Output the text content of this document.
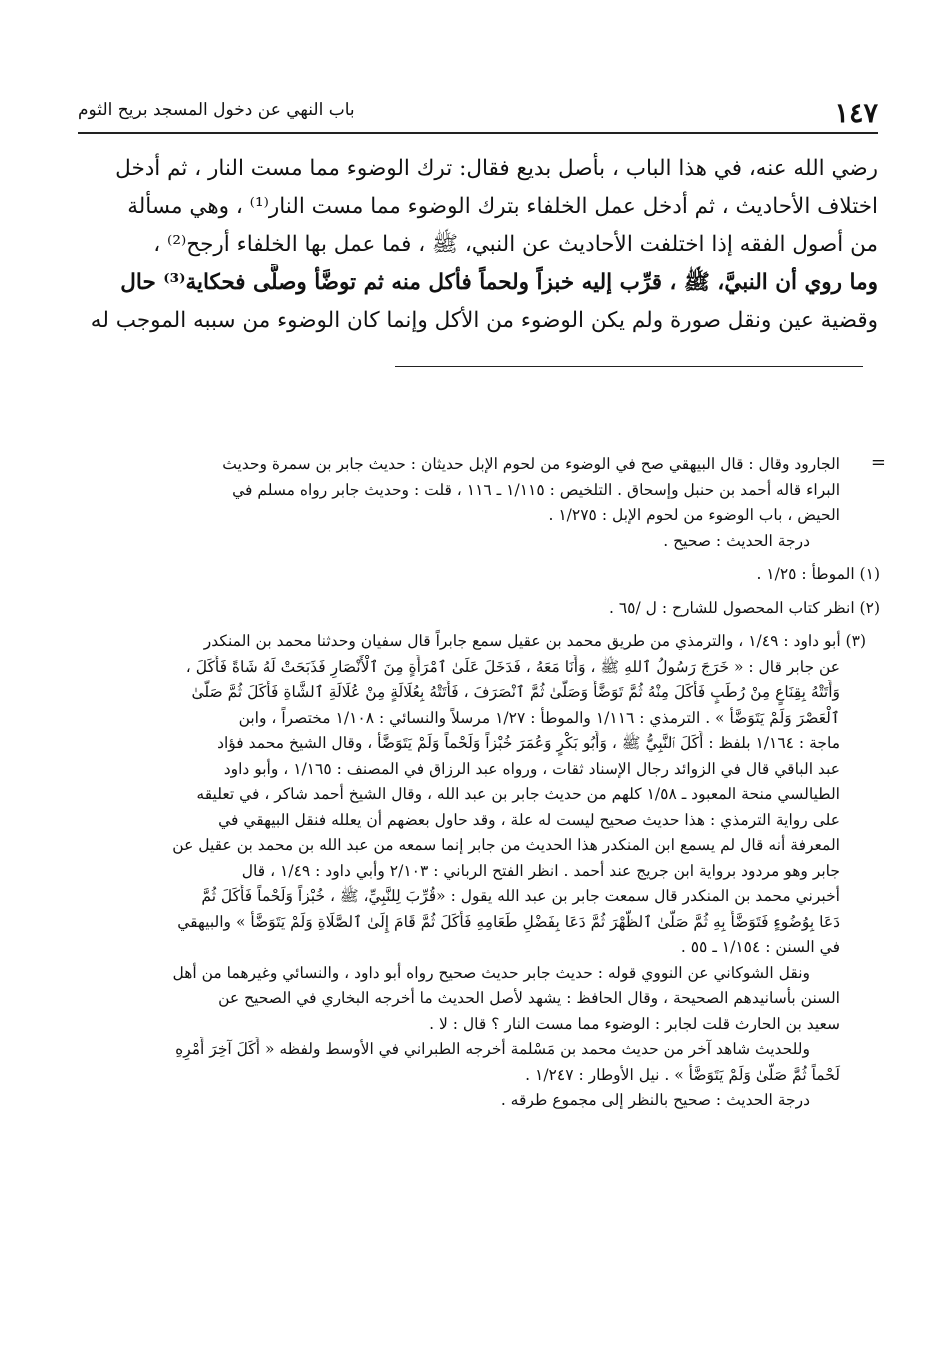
١٤٧
باب النهي عن دخول المسجد بريح الثوم
رضي الله عنه، في هذا الباب ، بأصل بديع فقال: ترك الوضوء مما مست النار ، ثم أدخل
اختلاف الأحاديث ، ثم أدخل عمل الخلفاء بترك الوضوء مما مست النار⁽¹⁾ ، وهي مسألة
من أصول الفقه إذا اختلفت الأحاديث عن النبي، ﷺ ، فما عمل بها الخلفاء أرجح⁽²⁾ ،
وما روي أن النبيَّ، ﷺ ، قرِّب إليه خبزاً ولحماً فأكل منه ثم توضَّأ وصلَّى فحكاية⁽³⁾ حال
وقضية عين ونقل صورة ولم يكن الوضوء من الأكل وإنما كان الوضوء من سببه الموجب له
=
الجارود وقال : قال البيهقي صح في الوضوء من لحوم الإبل حديثان : حديث جابر بن سمرة وحديث
البراء قاله أحمد بن حنبل وإسحاق . التلخيص : ١/١١٥ ـ ١١٦ ، قلت : وحديث جابر رواه مسلم في
الحيض ، باب الوضوء من لحوم الإبل : ١/٢٧٥ .
درجة الحديث : صحيح .
(١) الموطأ : ١/٢٥ .
(٢) انظر كتاب المحصول للشارح : ل /٦٥ .
(٣) أبو داود : ١/٤٩ ، والترمذي من طريق محمد بن عقيل سمع جابراً قال سفيان وحدثنا محمد بن المنكدر
عن جابر قال : « خَرَجَ رَسُولُ ٱللهِ ﷺ ، وَأَنَا مَعَهُ ، فَدَخَلَ عَلَىٰ ٱمْرَأَةٍ مِنَ ٱلْأَنْصَارِ فَذَبَحَتْ لَهُ شَاةً فَأَكَلَ ،
وَأَتَتْهُ بِقِنَاعٍ مِنْ رُطَبٍ فَأَكَلَ مِنْهُ ثُمَّ تَوَضَّأَ وَصَلَّىٰ ثُمَّ ٱنْصَرَفَ ، فَأَتَتْهُ بِعُلَالَةٍ مِنْ عُلَالَةِ ٱلشَّاةِ فَأَكَلَ ثُمَّ صَلَّىٰ
ٱلْعَصْرَ وَلَمْ يَتَوَضَّأْ » . الترمذي : ١/١١٦ والموطأ : ١/٢٧ مرسلاً والنسائي : ١/١٠٨ مختصراً ، وابن
ماجة : ١/١٦٤ بلفظ : أَكَلَ ٱلنَّبِيُّ ﷺ ، وَأَبُو بَكْرٍ وَعُمَرَ خُبْزاً وَلَحْماً وَلَمْ يَتَوَضَّأْ ، وقال الشيخ محمد فؤاد
عبد الباقي قال في الزوائد رجال الإسناد ثقات ، ورواه عبد الرزاق في المصنف : ١/١٦٥ ، وأبو داود
الطيالسي منحة المعبود ـ ١/٥٨ كلهم من حديث جابر بن عبد الله ، وقال الشيخ أحمد شاكر ، في تعليقه
على رواية الترمذي : هذا حديث صحيح ليست له علة ، وقد حاول بعضهم أن يعلله فنقل البيهقي في
المعرفة أنه قال لم يسمع ابن المنكدر هذا الحديث من جابر إنما سمعه من عبد الله بن محمد بن عقيل عن
جابر وهو مردود برواية ابن جريج عند أحمد . انظر الفتح الرباني : ٢/١٠٣ وأبي داود : ١/٤٩ ، قال
أخبرني محمد بن المنكدر قال سمعت جابر بن عبد الله يقول : «قُرِّبَ لِلنَّبِيِّ، ﷺ ، خُبْزاً وَلَحْماً فَأَكَلَ ثُمَّ
دَعَا بِوُضُوءٍ فَتَوَضَّأَ بِهِ ثُمَّ صَلَّىٰ ٱلظُّهْرَ ثُمَّ دَعَا بِفَضْلِ طَعَامِهِ فَأَكَلَ ثُمَّ قَامَ إِلَىٰ ٱلصَّلَاةِ وَلَمْ يَتَوَضَّأْ » والبيهقي
في السنن : ١/١٥٤ ـ ٥٥ .
ونقل الشوكاني عن النووي قوله : حديث جابر حديث صحيح رواه أبو داود ، والنسائي وغيرهما من أهل
السنن بأسانيدهم الصحيحة ، وقال الحافظ : يشهد لأصل الحديث ما أخرجه البخاري في الصحيح عن
سعيد بن الحارث قلت لجابر : الوضوء مما مست النار ؟ قال : لا .
وللحديث شاهد آخر من حديث محمد بن مَسْلمة أخرجه الطبراني في الأوسط ولفظه « أَكَلَ آخِرَ أَمْرِهِ
لَحْماً ثُمَّ صَلَّىٰ وَلَمْ يَتَوَضَّأْ » . نيل الأوطار : ١/٢٤٧ .
درجة الحديث : صحيح بالنظر إلى مجموع طرقه .
